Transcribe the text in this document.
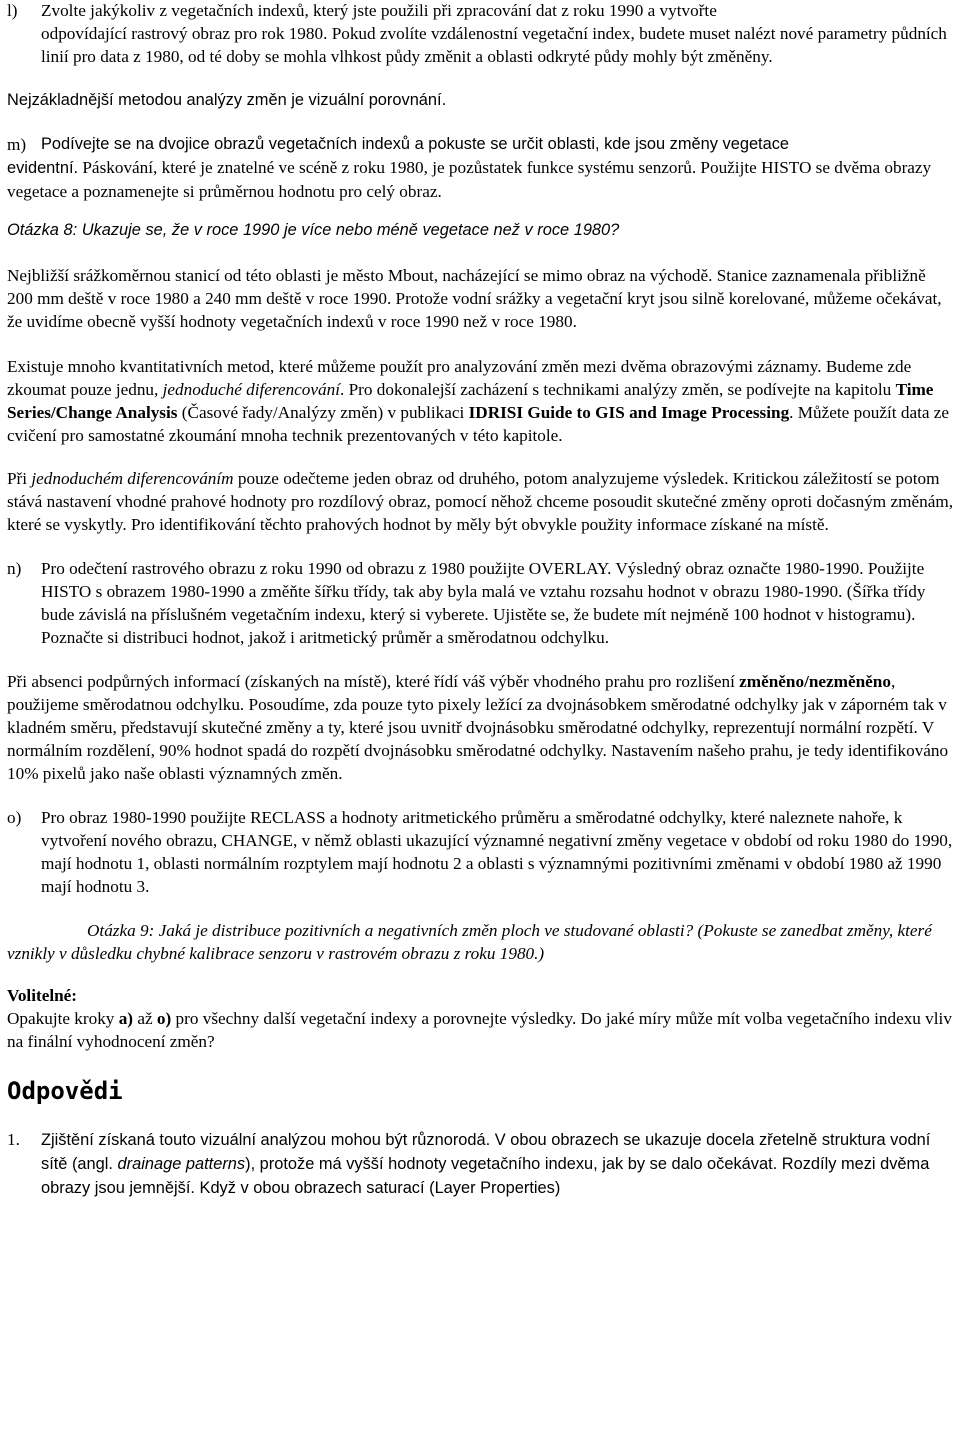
l)	Zvolte jakýkoliv z vegetačních indexů, který jste použili při zpracování dat z roku 1990 a vytvořte
odpovídající rastrový obraz pro rok 1980. Pokud zvolíte vzdálenostní vegetační index, budete muset nalézt nové parametry půdních linií pro data z 1980, od té doby se mohla vlhkost půdy změnit a oblasti odkryté půdy mohly být změněny.

Nejzákladnější metodou analýzy změn je vizuální porovnání.

m) Podívejte se na dvojice obrazů vegetačních indexů a pokuste se určit oblasti, kde jsou změny vegetace
evidentní. Páskování, které je znatelné ve scéně z roku 1980, je pozůstatek funkce systému senzorů. Použijte HISTO se dvěma obrazy vegetace a poznamenejte si průměrnou hodnotu pro celý obraz.

Otázka 8: Ukazuje se, že v roce 1990 je více nebo méně vegetace než v roce 1980?

Nejbližší srážkoměrnou stanicí od této oblasti je město Mbout, nacházející se mimo obraz na východě. Stanice zaznamenala přibližně 200 mm deště v roce 1980 a 240 mm deště v roce 1990. Protože vodní srážky a vegetační kryt jsou silně korelované, můžeme očekávat, že uvidíme obecně vyšší hodnoty vegetačních indexů v roce 1990 než v roce 1980.

Existuje mnoho kvantitativních metod, které můžeme použít pro analyzování změn mezi dvěma obrazovými záznamy. Budeme zde zkoumat pouze jednu, jednoduché diferencování. Pro dokonalejší zacházení s technikami analýzy změn, se podívejte na kapitolu Time Series/Change Analysis (Časové řady/Analýzy změn) v publikaci IDRISI Guide to GIS and Image Processing. Můžete použít data ze cvičení pro samostatné zkoumání mnoha technik prezentovaných v této kapitole.

Při jednoduchém diferencováním pouze odečteme jeden obraz od druhého, potom analyzujeme výsledek. Kritickou záležitostí se potom stává nastavení vhodné prahové hodnoty pro rozdílový obraz, pomocí něhož chceme posoudit skutečné změny oproti dočasným změnám, které se vyskytly. Pro identifikování těchto prahových hodnot by měly být obvykle použity informace získané na místě.

n)	Pro odečtení rastrového obrazu z roku 1990 od obrazu z 1980 použijte OVERLAY. Výsledný obraz označte 1980-1990. Použijte HISTO s obrazem 1980-1990 a změňte šířku třídy, tak aby byla malá ve vztahu rozsahu hodnot v obrazu 1980-1990. (Šířka třídy bude závislá na příslušném vegetačním indexu, který si vyberete. Ujistěte se, že budete mít nejméně 100 hodnot v histogramu). Poznačte si distribuci hodnot, jakož i aritmetický průměr a směrodatnou odchylku.

Při absenci podpůrných informací (získaných na místě), které řídí váš výběr vhodného prahu pro rozlišení změněno/nezměněno, použijeme směrodatnou odchylku. Posoudíme, zda pouze tyto pixely ležící za dvojnásobkem směrodatné odchylky jak v záporném tak v kladném směru, představují skutečné změny a ty, které jsou uvnitř dvojnásobku směrodatné odchylky, reprezentují normální rozpětí. V normálním rozdělení, 90% hodnot spadá do rozpětí dvojnásobku směrodatné odchylky. Nastavením našeho prahu, je tedy identifikováno 10% pixelů jako naše oblasti významných změn.

o)	Pro obraz 1980-1990 použijte RECLASS a hodnoty aritmetického průměru a směrodatné odchylky, které naleznete nahoře, k vytvoření nového obrazu, CHANGE, v němž oblasti ukazující významné negativní změny vegetace v období od roku 1980 do 1990, mají hodnotu 1, oblasti normálním rozptylem mají hodnotu 2 a oblasti s významnými pozitivními změnami v období 1980 až 1990 mají hodnotu 3.

Otázka 9: Jaká je distribuce pozitivních a negativních změn ploch ve studované oblasti? (Pokuste se zanedbat změny, které vznikly v důsledku chybné kalibrace senzoru v rastrovém obrazu z roku 1980.)

Volitelné:

Opakujte kroky a) až o) pro všechny další vegetační indexy a porovnejte výsledky. Do jaké míry může mít volba vegetačního indexu vliv na finální vyhodnocení změn?

Odpovědi
1.	Zjištění získaná touto vizuální analýzou mohou být různorodá. V obou obrazech se ukazuje docela zřetelně struktura vodní sítě (angl. drainage patterns), protože má vyšší hodnoty vegetačního indexu, jak by se dalo očekávat. Rozdíly mezi dvěma obrazy jsou jemnější. Když v obou obrazech saturací (Layer Properties)
